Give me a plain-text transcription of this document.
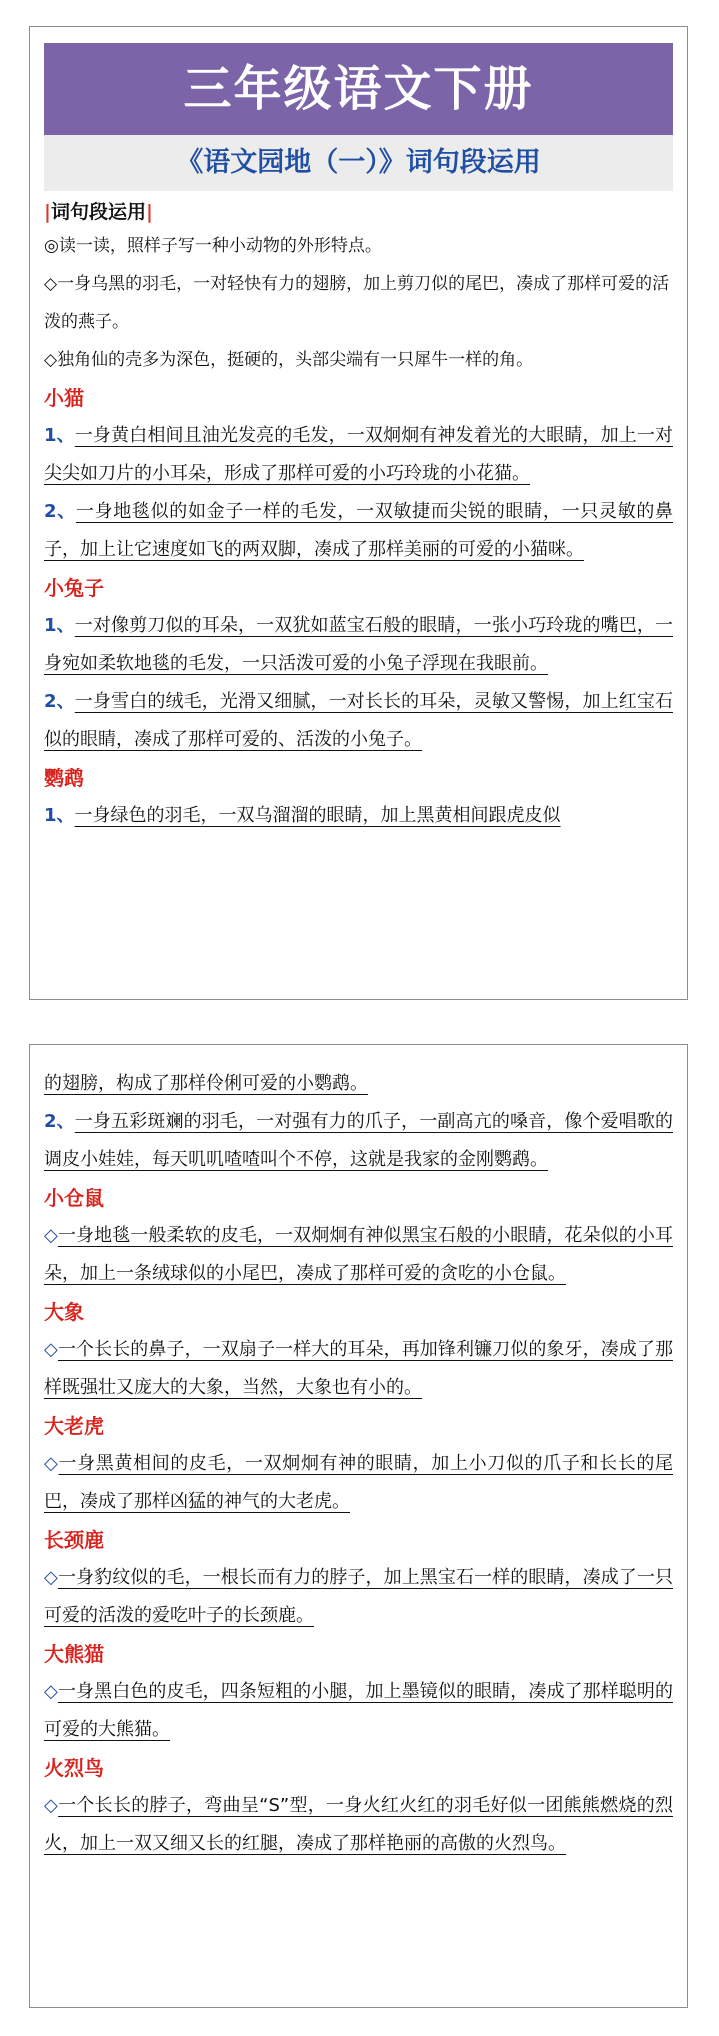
三年级语文下册
《语文园地（一）》词句段运用
|词句段运用|
◎读一读，照样子写一种小动物的外形特点。
◇一身乌黑的羽毛，一对轻快有力的翅膀，加上剪刀似的尾巴，凑成了那样可爱的活泼的燕子。
◇独角仙的壳多为深色，挺硬的，头部尖端有一只犀牛一样的角。
小猫
1、一身黄白相间且油光发亮的毛发，一双炯炯有神发着光的大眼睛，加上一对尖尖如刀片的小耳朵，形成了那样可爱的小巧玲珑的小花猫。
2、一身地毯似的如金子一样的毛发，一双敏捷而尖锐的眼睛，一只灵敏的鼻子，加上让它速度如飞的两双脚，凑成了那样美丽的可爱的小猫咪。
小兔子
1、一对像剪刀似的耳朵，一双犹如蓝宝石般的眼睛，一张小巧玲珑的嘴巴，一身宛如柔软地毯的毛发，一只活泼可爱的小兔子浮现在我眼前。
2、一身雪白的绒毛，光滑又细腻，一对长长的耳朵，灵敏又警惕，加上红宝石似的眼睛，凑成了那样可爱的、活泼的小兔子。
鹦鹉
1、一身绿色的羽毛，一双乌溜溜的眼睛，加上黑黄相间跟虎皮似
的翅膀，构成了那样伶俐可爱的小鹦鹉。
2、一身五彩斑斓的羽毛，一对强有力的爪子，一副高亢的嗓音，像个爱唱歌的调皮小娃娃，每天叽叽喳喳叫个不停，这就是我家的金刚鹦鹉。
小仓鼠
◇一身地毯一般柔软的皮毛，一双炯炯有神似黑宝石般的小眼睛，花朵似的小耳朵，加上一条绒球似的小尾巴，凑成了那样可爱的贪吃的小仓鼠。
大象
◇一个长长的鼻子，一双扇子一样大的耳朵，再加锋利镰刀似的象牙，凑成了那样既强壮又庞大的大象，当然，大象也有小的。
大老虎
◇一身黑黄相间的皮毛，一双炯炯有神的眼睛，加上小刀似的爪子和长长的尾巴，凑成了那样凶猛的神气的大老虎。
长颈鹿
◇一身豹纹似的毛，一根长而有力的脖子，加上黑宝石一样的眼睛，凑成了一只可爱的活泼的爱吃叶子的长颈鹿。
大熊猫
◇一身黑白色的皮毛，四条短粗的小腿，加上墨镜似的眼睛，凑成了那样聪明的可爱的大熊猫。
火烈鸟
◇一个长长的脖子，弯曲呈“S”型，一身火红火红的羽毛好似一团熊熊燃烧的烈火，加上一双又细又长的红腿，凑成了那样艳丽的高傲的火烈鸟。
